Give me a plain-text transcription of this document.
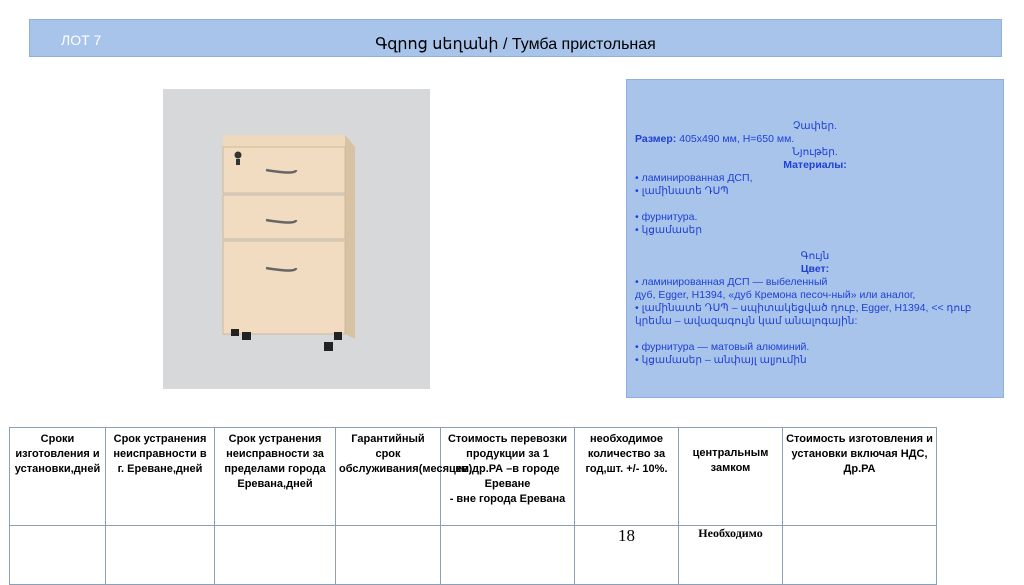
ЛОТ 7	Գզրոց սեղանի / Тумба пристольная
Չափեր.
Размер: 405х490 мм, Н=650 мм.
Նյութեր.
Материалы:
• ламинированная ДСП,
• լամինատե ԴՍՊ
• фурнитура.
• կցամասեր
Գույն
Цвет:
• ламинированная ДСП — выбеленный
дуб, Egger, H1394, «дуб Кремона песоч-ный» или аналог,
• լամինատե ԴՍՊ – սպիտակեցված դուբ, Egger, H1394, << դուբ
կրեմա – ավազագույն կամ անալոգային:
• фурнитура — матовый алюминий.
• կցամասեր – անփայլ ալյումին
Сроки изготовления и установки,дней	Срок устранения неисправности в г. Ереване,дней	Срок устранения неисправности за пределами города Еревана,дней	Гарантийный срок обслуживания(месяцев)	Стоимость перевозки продукции за 1 км,др.РА –в городе Ереване
- вне города Еревана	необходимое количество за год,шт. +/- 10%.	центральным замком	Стоимость изготовления и установки включая НДС, Др.РА
					18	Необходимо	
